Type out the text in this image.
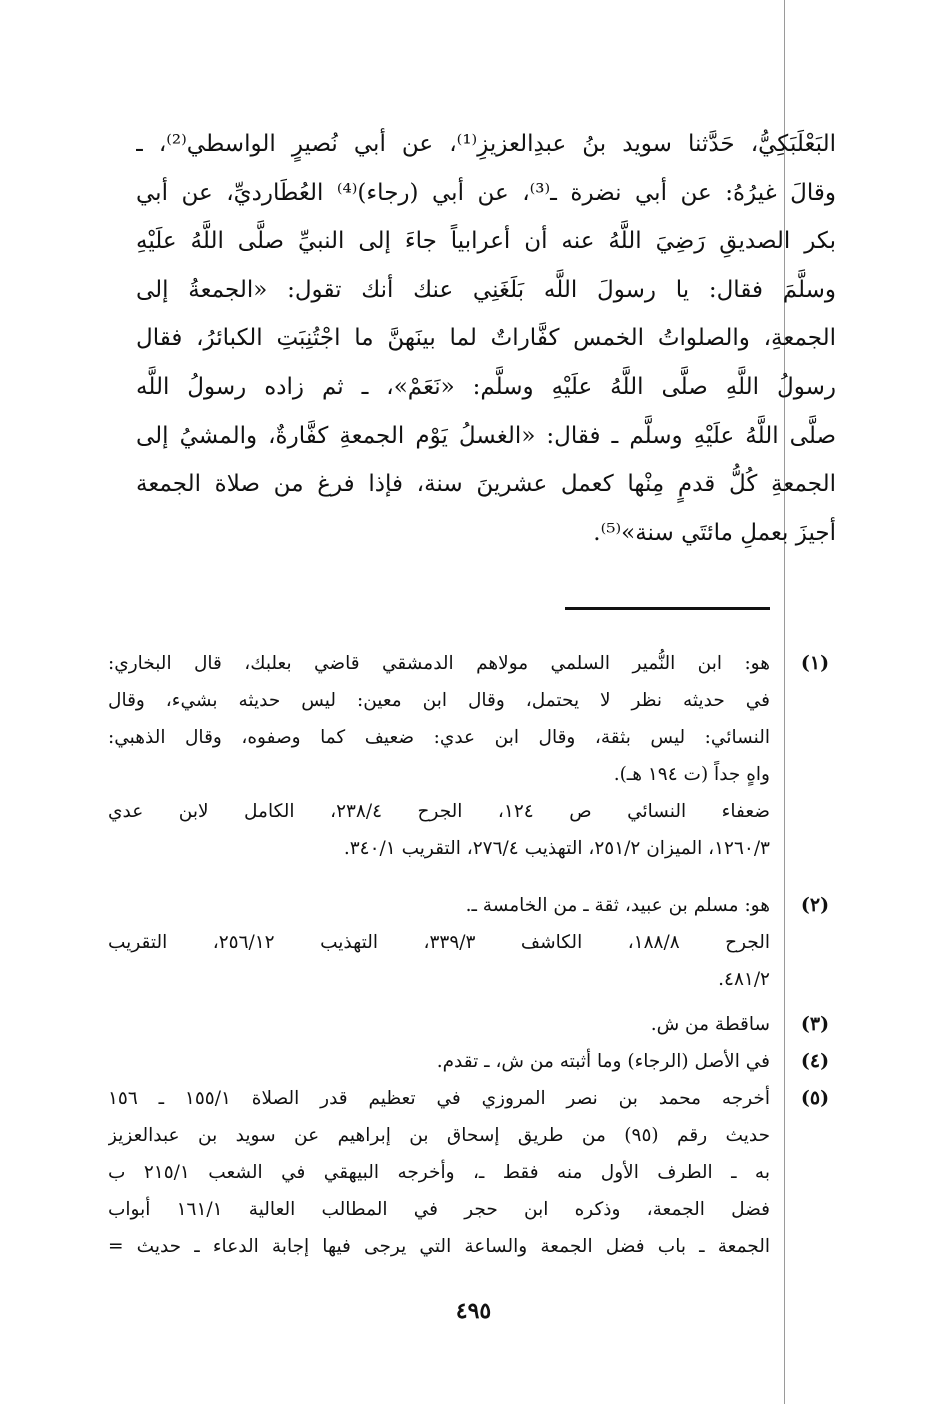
البَعْلَبَكِيُّ، حَدَّثنا سويد بنُ عبدِالعزيزِ⁽¹⁾، عن أبي نُصيرٍ الواسطي⁽²⁾، ـ
وقالَ غيرُهُ: عن أبي نضرة ـ⁽³⁾، عن أبي (رجاء)⁽⁴⁾ العُطَارديِّ، عن أبي
بكر الصديقِ رَضِيَ اللَّهُ عنه أن أعرابياً جاءَ إلى النبيِّ صلَّى اللَّهُ علَيْهِ
وسلَّمَ فقال: يا رسولَ اللَّه بَلَغَنِي عنك أنك تقول: «الجمعةُ إلى
الجمعةِ، والصلواتُ الخمس كفَّاراتٌ لما بينَهنَّ ما اجْتُنِبَتِ الكبائرُ، فقال
رسولُ اللَّهِ صلَّى اللَّهُ علَيْهِ وسلَّم: «نَعَمْ»، ـ ثم زاده رسولُ اللَّه
صلَّى اللَّهُ علَيْهِ وسلَّم ـ فقال: «الغسلُ يَوْم الجمعةِ كفَّارةٌ، والمشيُ إلى
الجمعةِ كُلُّ قدمٍ مِنْها كعمل عشرينَ سنة، فإذا فرغ من صلاة الجمعة
أجيزَ بعملِ مائتَي سنة»⁽⁵⁾.
(١)
هو: ابن النُّمير السلمي مولاهم الدمشقي قاضي بعلبك، قال البخاري:
في حديثه نظر لا يحتمل، وقال ابن معين: ليس حديثه بشيء، وقال
النسائي: ليس بثقة، وقال ابن عدي: ضعيف كما وصفوه، وقال الذهبي:
واهٍ جداً (ت ١٩٤ هـ).
ضعفاء النسائي ص ١٢٤، الجرح ٢٣٨/٤، الكامل لابن عدي
١٢٦٠/٣، الميزان ٢٥١/٢، التهذيب ٢٧٦/٤، التقريب ٣٤٠/١.
(٢)
هو: مسلم بن عبيد، ثقة ـ من الخامسة ـ.
الجرح ١٨٨/٨، الكاشف ٣٣٩/٣، التهذيب ٢٥٦/١٢، التقريب
٤٨١/٢.
(٣)
ساقطة من ش.
(٤)
في الأصل (الرجاء) وما أثبته من ش، ـ تقدم.
(٥)
أخرجه محمد بن نصر المروزي في تعظيم قدر الصلاة ١٥٥/١ ـ ١٥٦
حديث رقم (٩٥) من طريق إسحاق بن إبراهيم عن سويد بن عبدالعزيز
به ـ الطرف الأول منه فقط ـ، وأخرجه البيهقي في الشعب ٢١٥/١ ب
فضل الجمعة، وذكره ابن حجر في المطالب العالية ١٦١/١ أبواب
الجمعة ـ باب فضل الجمعة والساعة التي يرجى فيها إجابة الدعاء ـ حديث =
٤٩٥
